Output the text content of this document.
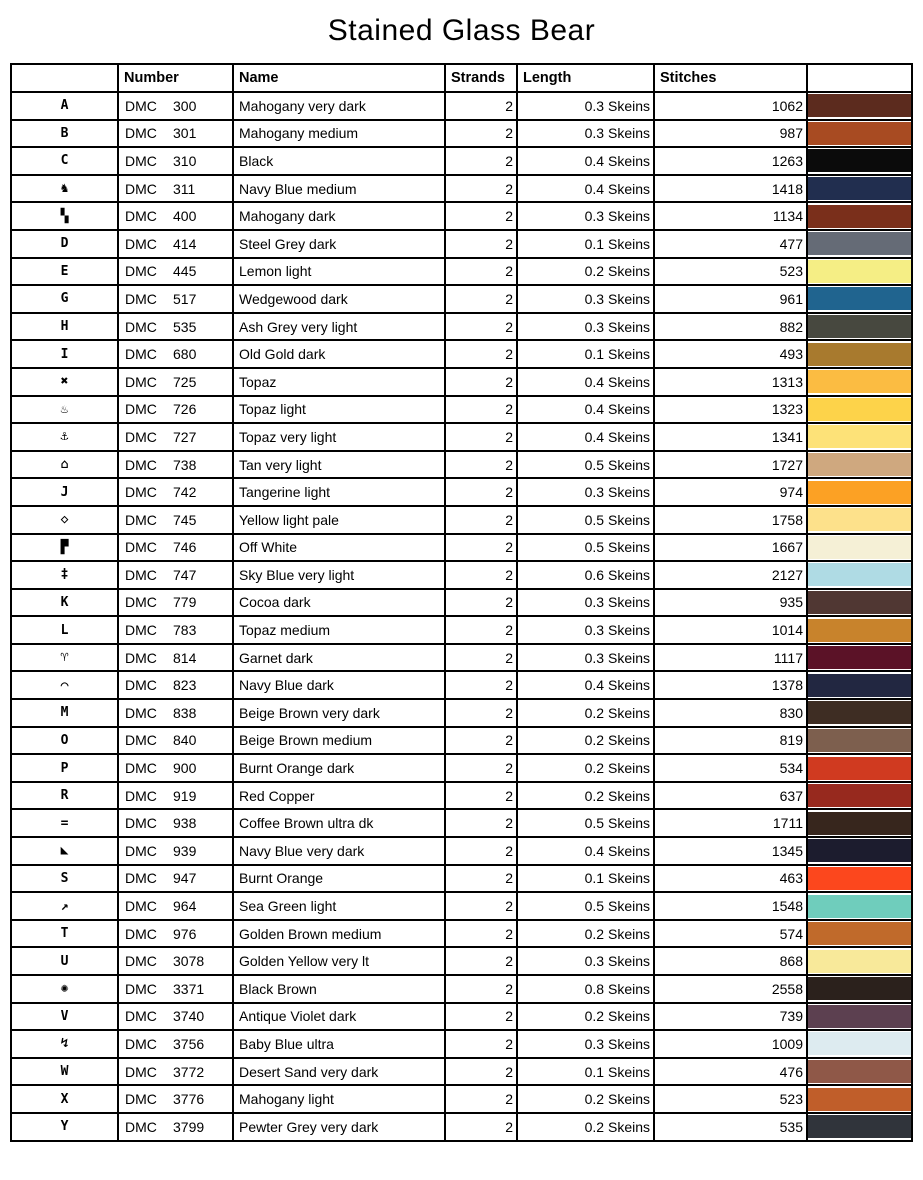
Stained Glass Bear
	Number	Name	Strands	Length	Stitches	
A	DMC 300	Mahogany very dark	2	0.3 Skeins	1062	

B	DMC 301	Mahogany medium	2	0.3 Skeins	987	

C	DMC 310	Black	2	0.4 Skeins	1263	

♞	DMC 311	Navy Blue medium	2	0.4 Skeins	1418	

▚	DMC 400	Mahogany dark	2	0.3 Skeins	1134	

D	DMC 414	Steel Grey dark	2	0.1 Skeins	477	

E	DMC 445	Lemon light	2	0.2 Skeins	523	

G	DMC 517	Wedgewood dark	2	0.3 Skeins	961	

H	DMC 535	Ash Grey very light	2	0.3 Skeins	882	

I	DMC 680	Old Gold dark	2	0.1 Skeins	493	

✖	DMC 725	Topaz	2	0.4 Skeins	1313	

♨	DMC 726	Topaz light	2	0.4 Skeins	1323	

⚓	DMC 727	Topaz very light	2	0.4 Skeins	1341	

⌂	DMC 738	Tan very light	2	0.5 Skeins	1727	

J	DMC 742	Tangerine light	2	0.3 Skeins	974	

◇	DMC 745	Yellow light pale	2	0.5 Skeins	1758	

▛	DMC 746	Off White	2	0.5 Skeins	1667	

‡	DMC 747	Sky Blue very light	2	0.6 Skeins	2127	

K	DMC 779	Cocoa dark	2	0.3 Skeins	935	

L	DMC 783	Topaz medium	2	0.3 Skeins	1014	

♈	DMC 814	Garnet dark	2	0.3 Skeins	1117	

⌒	DMC 823	Navy Blue dark	2	0.4 Skeins	1378	

M	DMC 838	Beige Brown very dark	2	0.2 Skeins	830	

O	DMC 840	Beige Brown medium	2	0.2 Skeins	819	

P	DMC 900	Burnt Orange dark	2	0.2 Skeins	534	

R	DMC 919	Red Copper	2	0.2 Skeins	637	

=	DMC 938	Coffee Brown ultra dk	2	0.5 Skeins	1711	

◣	DMC 939	Navy Blue very dark	2	0.4 Skeins	1345	

S	DMC 947	Burnt Orange	2	0.1 Skeins	463	

↗	DMC 964	Sea Green light	2	0.5 Skeins	1548	

T	DMC 976	Golden Brown medium	2	0.2 Skeins	574	

U	DMC 3078	Golden Yellow very lt	2	0.3 Skeins	868	

✺	DMC 3371	Black Brown	2	0.8 Skeins	2558	

V	DMC 3740	Antique Violet dark	2	0.2 Skeins	739	

↯	DMC 3756	Baby Blue ultra	2	0.3 Skeins	1009	

W	DMC 3772	Desert Sand very dark	2	0.1 Skeins	476	

X	DMC 3776	Mahogany light	2	0.2 Skeins	523	

Y	DMC 3799	Pewter Grey very dark	2	0.2 Skeins	535	
